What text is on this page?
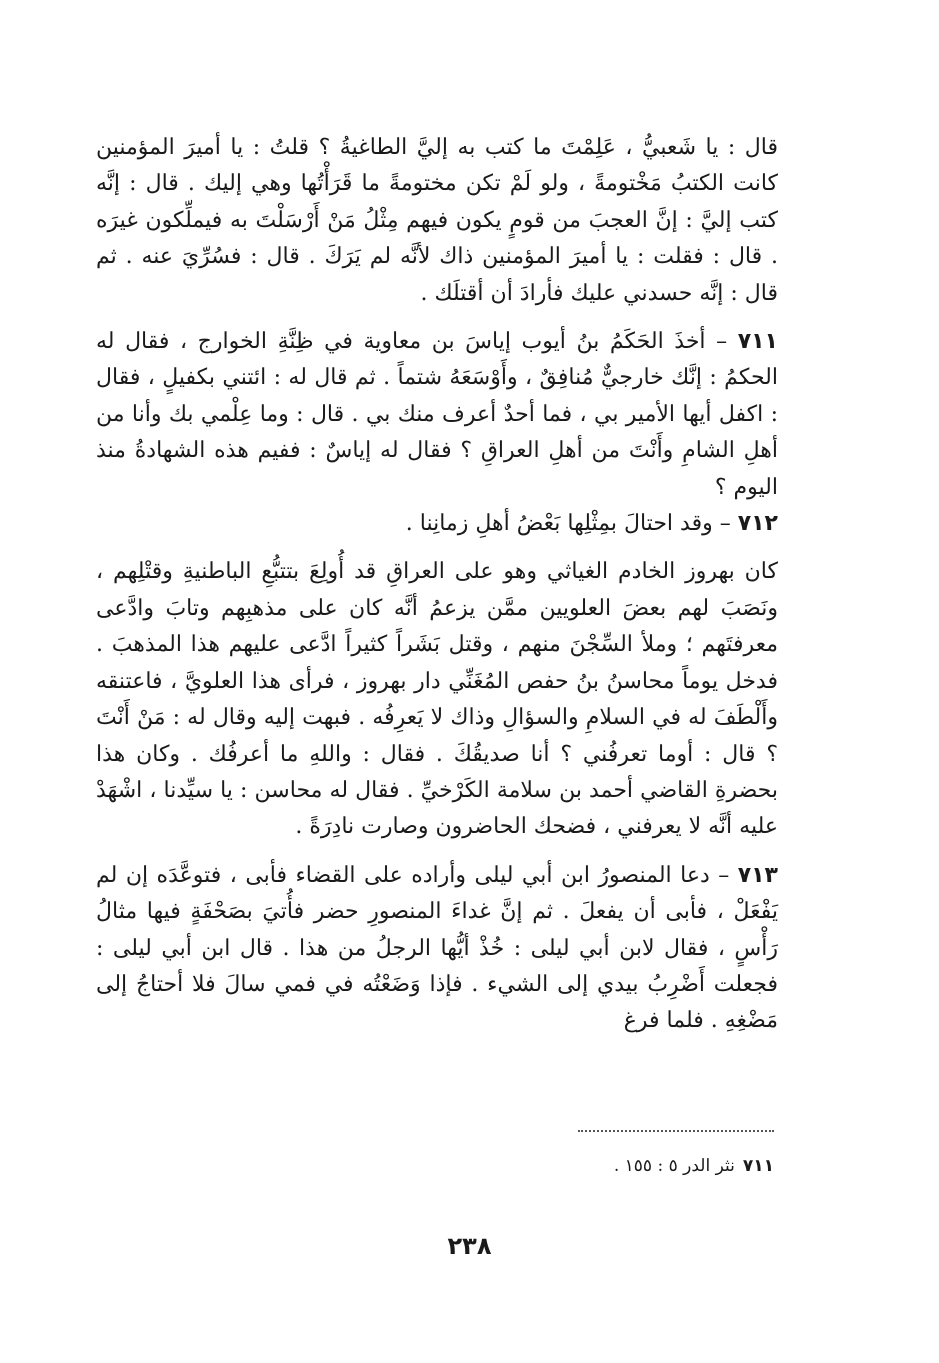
قال : يا شَعبيُّ ، عَلِمْتَ ما كتب به إليَّ الطاغيةُ ؟ قلتُ : يا أميرَ المؤمنين كانت الكتبُ مَخْتومةً ، ولو لَمْ تكن مختومةً ما قَرَأْتُها وهي إليك . قال : إنَّه كتب إليَّ : إنَّ العجبَ من قومٍ يكون فيهم مِثْلُ مَنْ أَرْسَلْتَ به فيملِّكون غيرَه . قال : فقلت : يا أميرَ المؤمنين ذاك لأنَّه لم يَرَكَ . قال : فسُرِّيَ عنه . ثم قال : إنَّه حسدني عليك فأرادَ أن أقتلَك .

٧١١ – أخذَ الحَكَمُ بنُ أيوب إياسَ بن معاوية في ظِنَّةِ الخوارج ، فقال له الحكمُ : إنَّك خارجيٌّ مُنافِقٌ ، وأَوْسَعَهُ شتماً . ثم قال له : ائتني بكفيلٍ ، فقال : اكفل أيها الأمير بي ، فما أحدٌ أعرف منك بي . قال : وما عِلْمي بك وأنا من أهلِ الشامِ وأَنْتَ من أهلِ العراقِ ؟ فقال له إياسٌ : ففيم هذه الشهادةُ منذ اليوم ؟

٧١٢ – وقد احتالَ بمِثْلِها بَعْضُ أهلِ زمانِنا .

كان بهروز الخادم الغياثي وهو على العراقِ قد أُولِعَ بتتبُّعِ الباطنيةِ وقتْلِهم ، ونَصَبَ لهم بعضَ العلويين ممَّن يزعمُ أنَّه كان على مذهبِهم وتابَ وادَّعى معرفتَهم ؛ وملأ السِّجْنَ منهم ، وقتل بَشَراً كثيراً ادَّعى عليهم هذا المذهبَ . فدخل يوماً محاسنُ بنُ حفص المُغَنِّي دار بهروز ، فرأى هذا العلويَّ ، فاعتنقه وأَلْطَفَ له في السلامِ والسؤالِ وذاك لا يَعرِفُه . فبهت إليه وقال له : مَنْ أَنْتَ ؟ قال : أوما تعرفُني ؟ أنا صديقُكَ . فقال : واللهِ ما أعرفُك . وكان هذا بحضرةِ القاضي أحمد بن سلامة الكَرْخيِّ . فقال له محاسن : يا سيِّدنا ، اشْهَدْ عليه أنَّه لا يعرفني ، فضحك الحاضرون وصارت نادِرَةً .

٧١٣ – دعا المنصورُ ابن أبي ليلى وأراده على القضاء فأبى ، فتوعَّدَه إن لم يَفْعَلْ ، فأبى أن يفعلَ . ثم إنَّ غداءَ المنصورِ حضر فأُتيَ بصَحْفَةٍ فيها مثالُ رَأْسٍ ، فقال لابن أبي ليلى : خُذْ أيُّها الرجلُ من هذا . قال ابن أبي ليلى : فجعلت أَضْرِبُ بيدي إلى الشيء . فإذا وَضَعْتُه في فمي سالَ فلا أحتاجُ إلى مَضْغِهِ . فلما فرغ

٧١١نثر الدر ٥ : ١٥٥ .
٢٣٨
